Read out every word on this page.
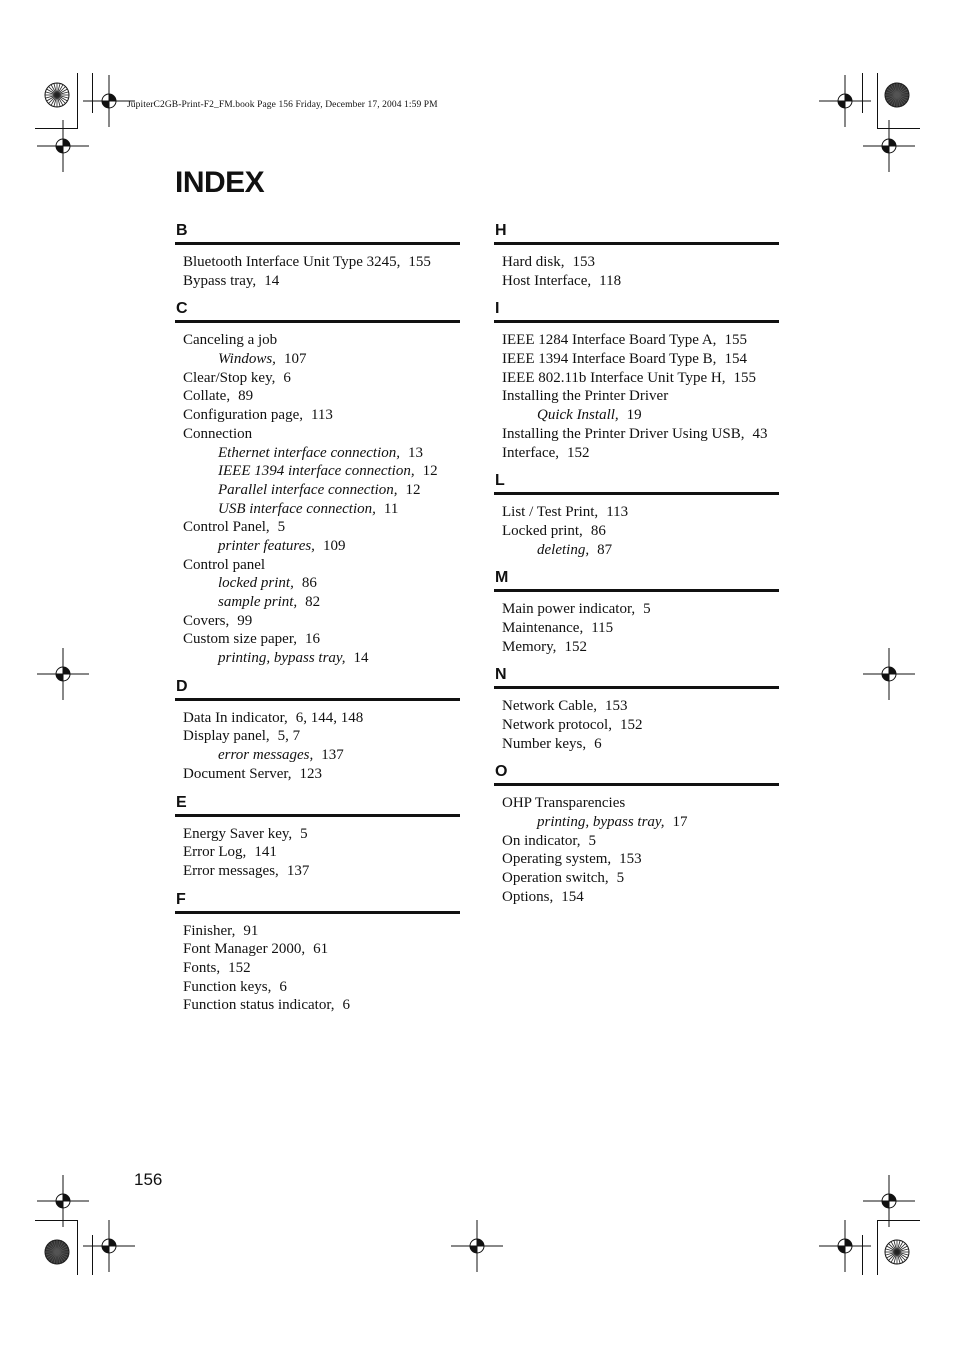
JupiterC2GB-Print-F2_FM.book Page 156 Friday, December 17, 2004 1:59 PM
INDEX
B
Bluetooth Interface Unit Type 3245, 155
Bypass tray, 14
C
Canceling a job
Windows, 107
Clear/Stop key, 6
Collate, 89
Configuration page, 113
Connection
Ethernet interface connection, 13
IEEE 1394 interface connection, 12
Parallel interface connection, 12
USB interface connection, 11
Control Panel, 5
printer features, 109
Control panel
locked print, 86
sample print, 82
Covers, 99
Custom size paper, 16
printing, bypass tray, 14
D
Data In indicator, 6, 144, 148
Display panel, 5, 7
error messages, 137
Document Server, 123
E
Energy Saver key, 5
Error Log, 141
Error messages, 137
F
Finisher, 91
Font Manager 2000, 61
Fonts, 152
Function keys, 6
Function status indicator, 6
H
Hard disk, 153
Host Interface, 118
I
IEEE 1284 Interface Board Type A, 155
IEEE 1394 Interface Board Type B, 154
IEEE 802.11b Interface Unit Type H, 155
Installing the Printer Driver
Quick Install, 19
Installing the Printer Driver Using USB, 43
Interface, 152
L
List / Test Print, 113
Locked print, 86
deleting, 87
M
Main power indicator, 5
Maintenance, 115
Memory, 152
N
Network Cable, 153
Network protocol, 152
Number keys, 6
O
OHP Transparencies
printing, bypass tray, 17
On indicator, 5
Operating system, 153
Operation switch, 5
Options, 154
156
